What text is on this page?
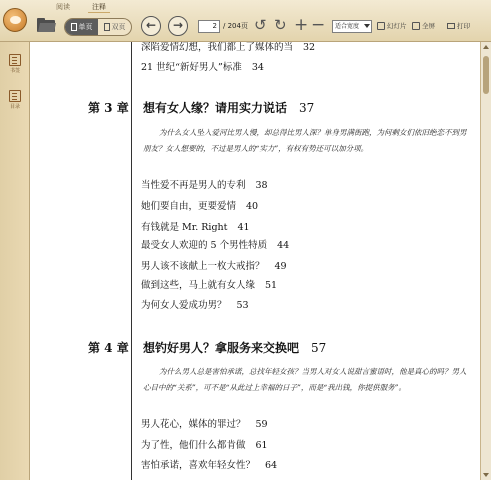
阅读	注释
单页	双页	←	→	2 / 204页 ↺ ↻ + −	适合宽度	幻灯片 全屏	打印
书签
目录
深陷爱情幻想，我们都上了媒体的当 32
21 世纪“新好男人”标准 34
第 3 章 想有女人缘？请用实力说话 37
为什么女人坠入爱河比男人慢，却总得比男人深？单身男满街跑，为何剩女们依旧绝恋不到男朋友？女人想要的，不过是男人的“实力”，有权有势还可以加分项。
当性爱不再是男人的专利 38
她们要自由，更要爱情 40
有钱就是 Mr. Right 41
最受女人欢迎的 5 个男性特质 44
男人该不该献上一枚大戒指？ 49
做到这些，马上就有女人缘 51
为何女人爱成功男？ 53
第 4 章 想钓好男人？拿服务来交换吧 57
为什么男人总是害怕承诺，总找年轻女孩？当男人对女人说甜言蜜语时，他是真心的吗？男人心目中的“关系”，可不是“从此过上幸福的日子”，而是“我出钱，你提供服务”。
男人花心，媒体的罪过？ 59
为了性，他们什么都肯做 61
害怕承诺，喜欢年轻女性？ 64
